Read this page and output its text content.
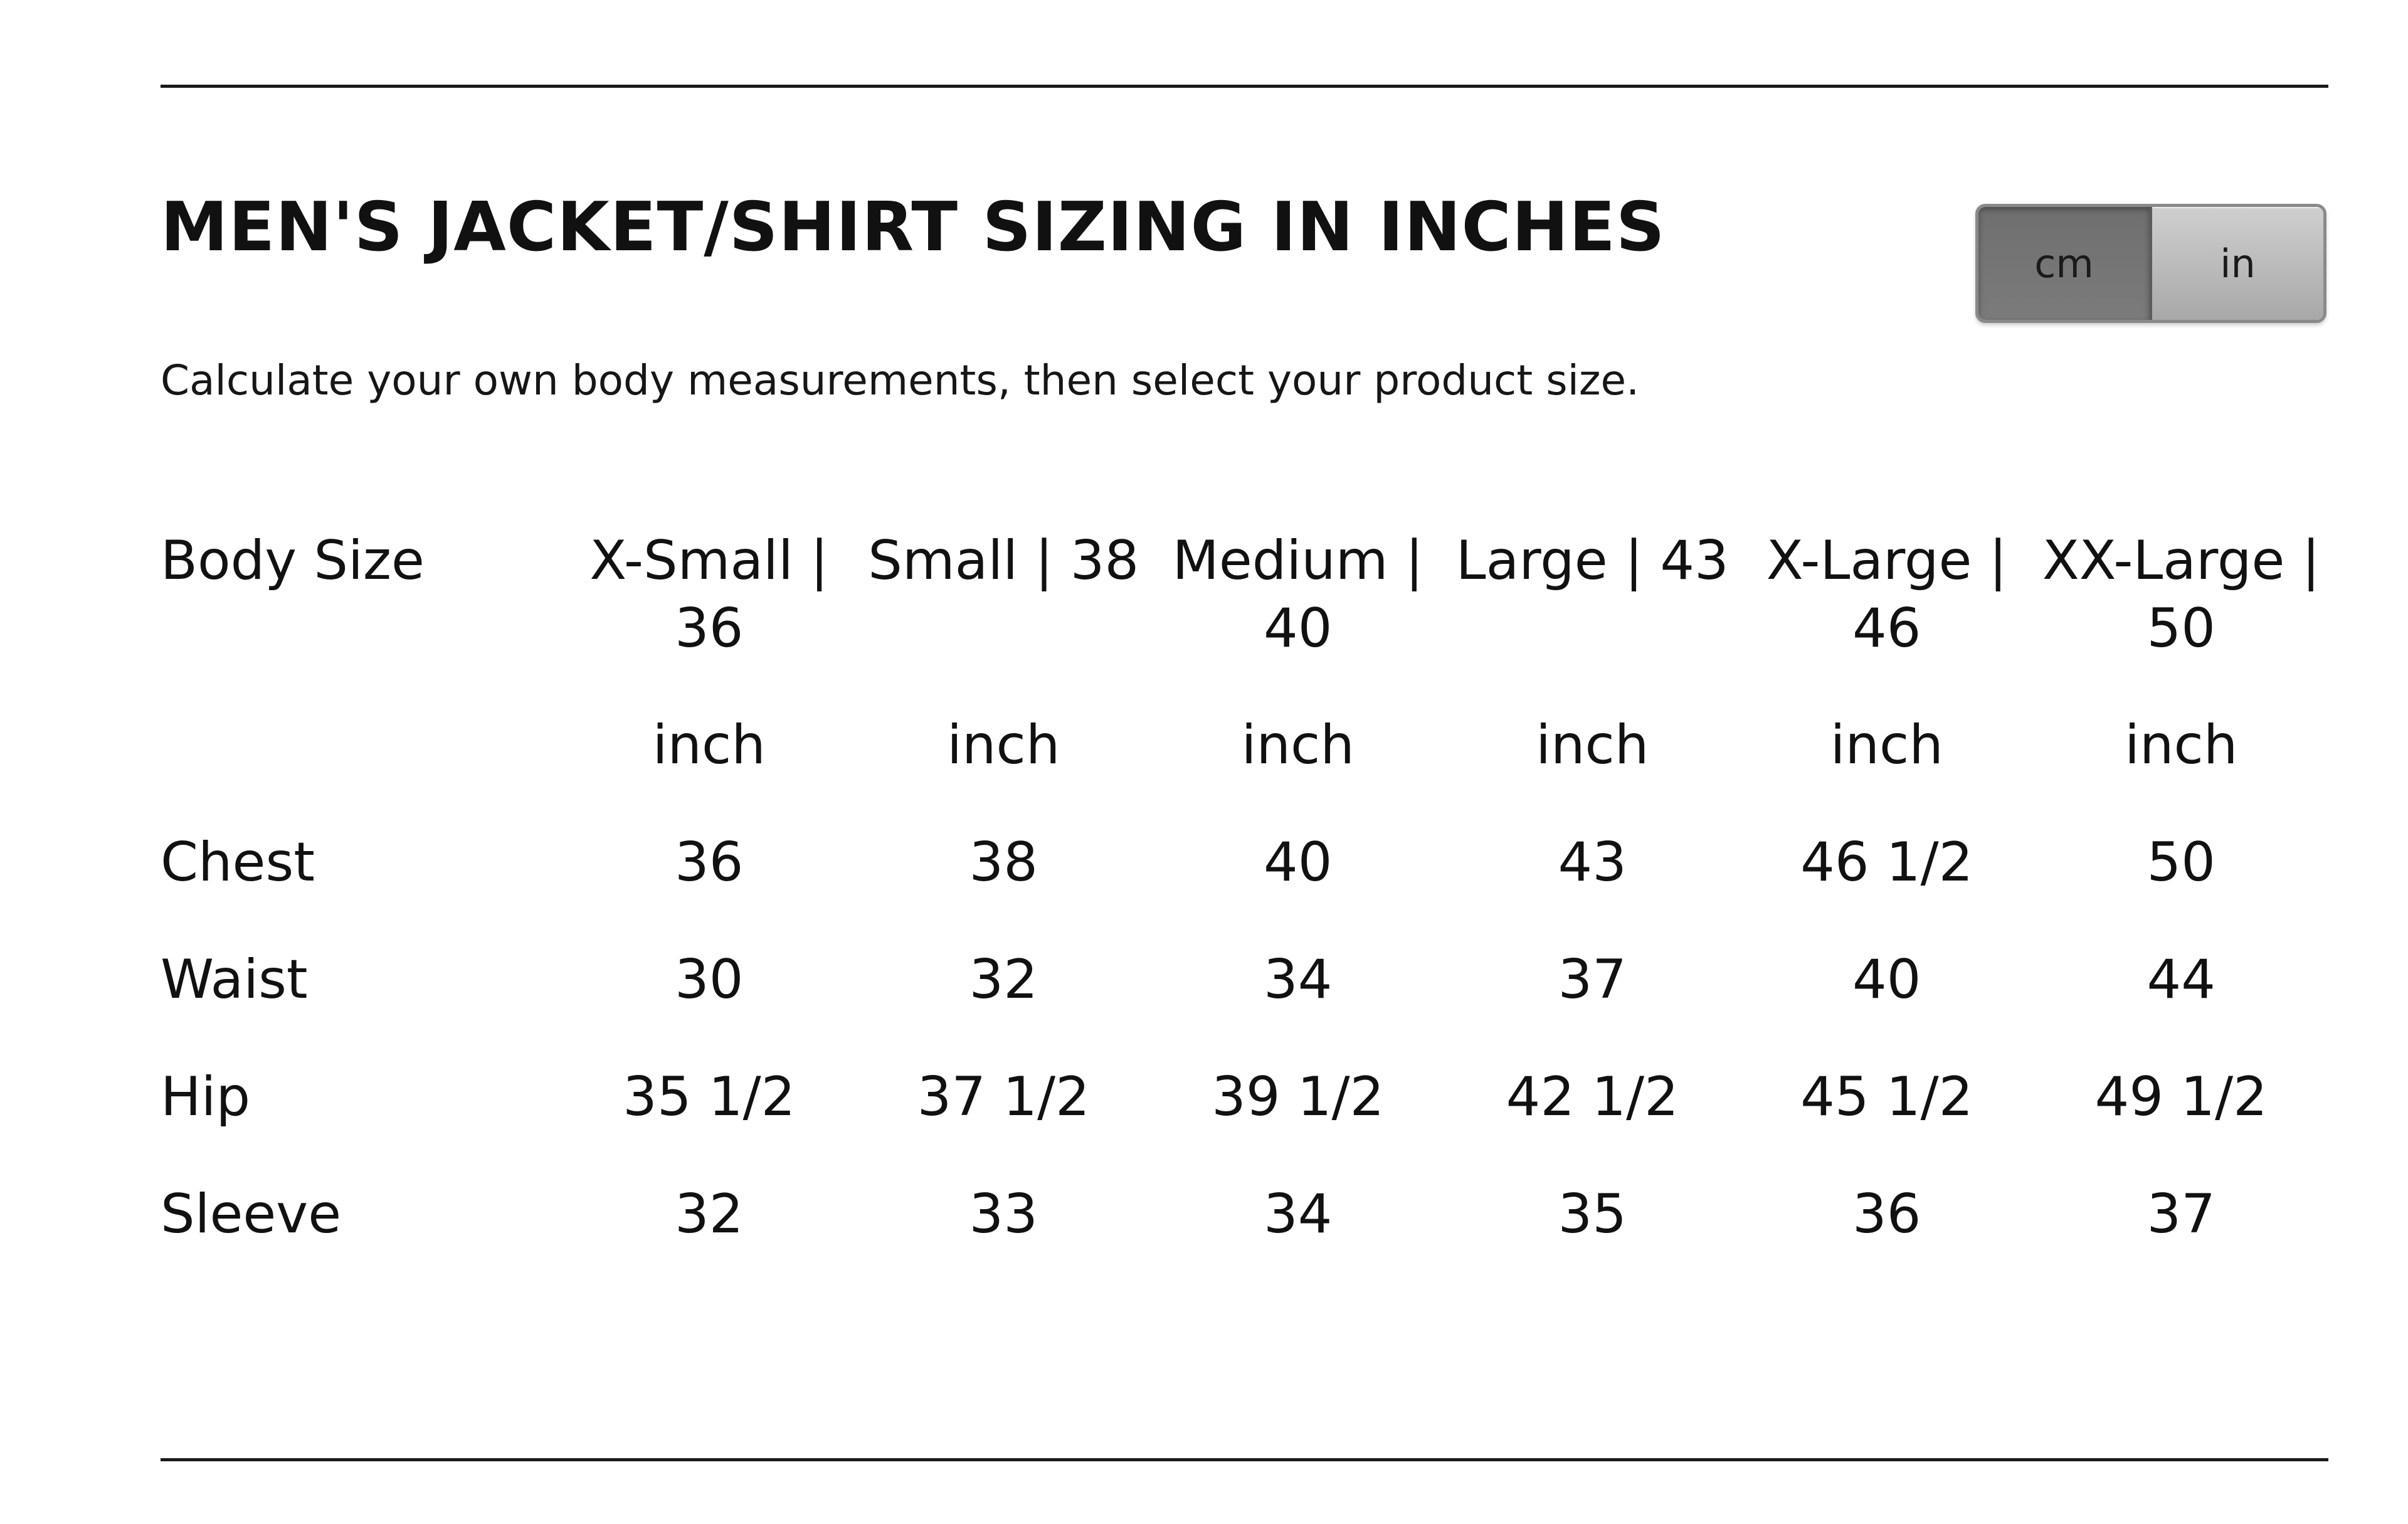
MEN'S JACKET/SHIRT SIZING IN INCHES	cm	in
Calculate your own body measurements, then select your product size.
Body Size	X-Small | 36	Small | 38	Medium | 40	Large | 43	X-Large | 46	XX-Large | 50
	inch	inch	inch	inch	inch	inch
Chest	36	38	40	43	46 1/2	50
Waist	30	32	34	37	40	44
Hip	35 1/2	37 1/2	39 1/2	42 1/2	45 1/2	49 1/2
Sleeve	32	33	34	35	36	37
